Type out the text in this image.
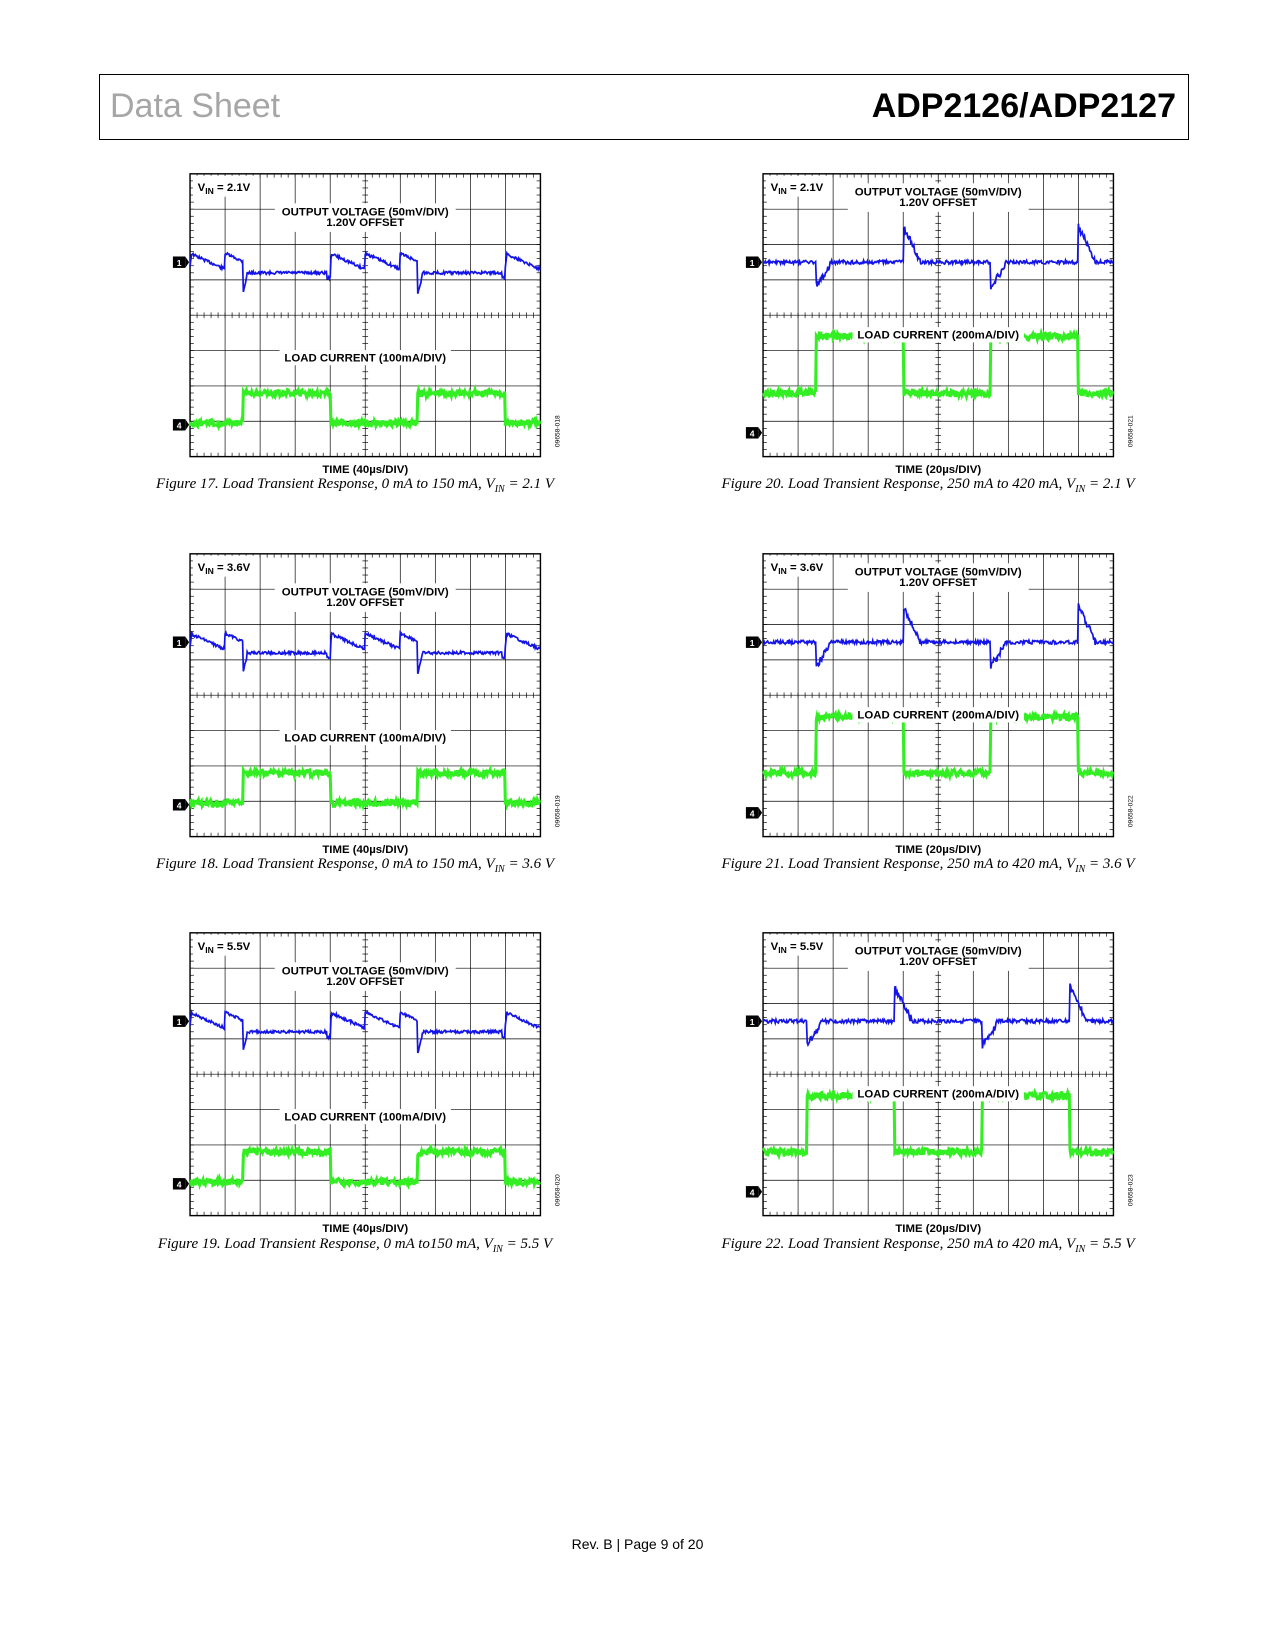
Data Sheet	ADP2126/ADP2127
$V_{IN} = 2.1V$
OUTPUT VOLTAGE (50mV/DIV)
1.20V OFFSET
LOAD CURRENT (100mA/DIV)
TIME (40µs/DIV)
1
4	09658-018
Figure 17. Load Transient Response, 0 mA to 150 mA, $V_{IN} = 2.1$ V
$V_{IN} = 3.6V$
OUTPUT VOLTAGE (50mV/DIV)
1.20V OFFSET
LOAD CURRENT (100mA/DIV)
TIME (40µs/DIV)
1
4	09658-019
Figure 18. Load Transient Response, 0 mA to 150 mA, $V_{IN} = 3.6$ V
$V_{IN} = 5.5V$
OUTPUT VOLTAGE (50mV/DIV)
1.20V OFFSET
LOAD CURRENT (100mA/DIV)
TIME (40µs/DIV)
1
4	09658-020
Figure 19. Load Transient Response, 0 mA to150 mA, $V_{IN} = 5.5$ V
$V_{IN} = 2.1V$	OUTPUT VOLTAGE (50mV/DIV)
1.20V OFFSET
LOAD CURRENT (200mA/DIV)
TIME (20µs/DIV)
1
4	09658-021
Figure 20. Load Transient Response, 250 mA to 420 mA, $V_{IN} = 2.1$ V
$V_{IN} = 3.6V$	OUTPUT VOLTAGE (50mV/DIV)
1.20V OFFSET
LOAD CURRENT (200mA/DIV)
TIME (20µs/DIV)
1
4	09658-022
Figure 21. Load Transient Response, 250 mA to 420 mA, $V_{IN} = 3.6$ V
$V_{IN} = 5.5V$	OUTPUT VOLTAGE (50mV/DIV)
1.20V OFFSET
LOAD CURRENT (200mA/DIV)
TIME (20µs/DIV)
1
4	09658-023
Figure 22. Load Transient Response, 250 mA to 420 mA, $V_{IN} = 5.5$ V
Rev. B | Page 9 of 20
